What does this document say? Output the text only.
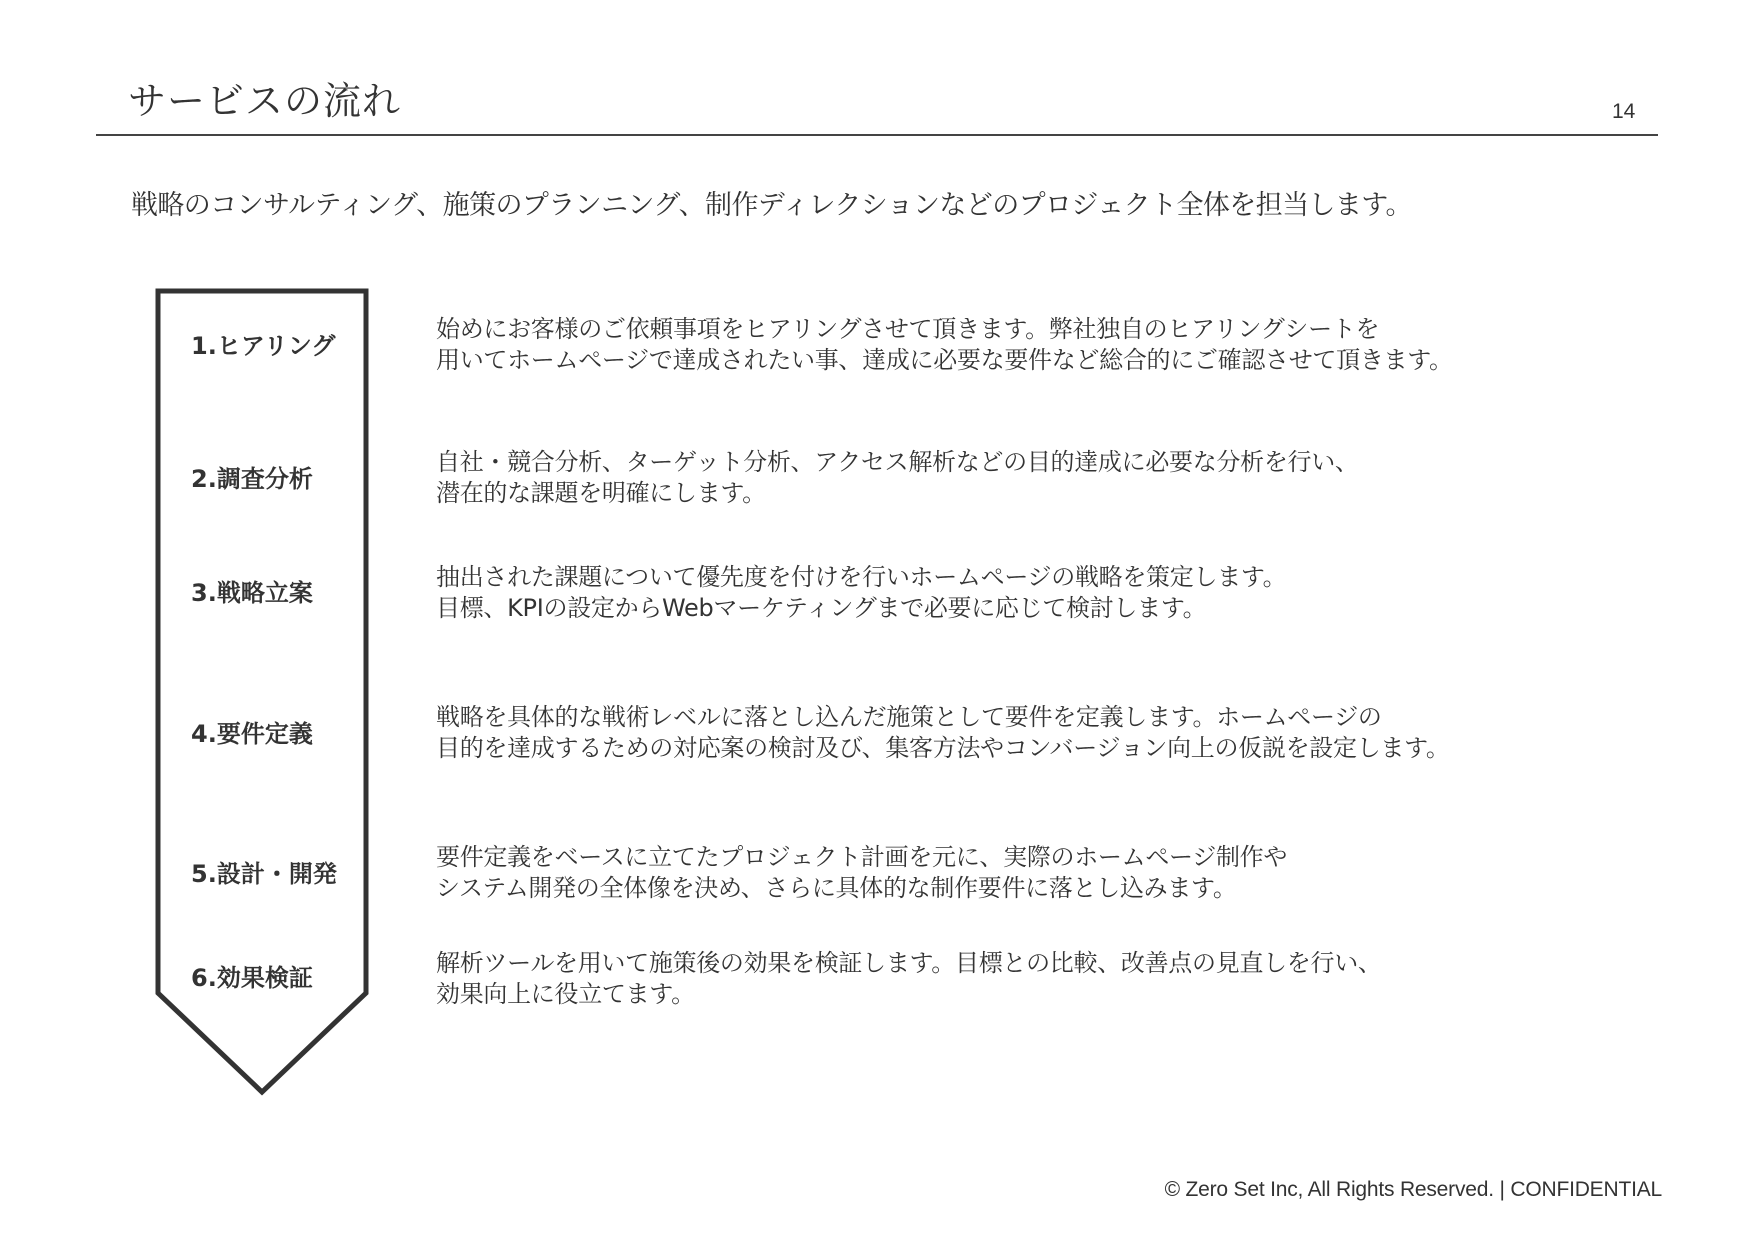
サービスの流れ	14
戦略のコンサルティング、施策のプランニング、制作ディレクションなどのプロジェクト全体を担当します。
1.ヒアリング
始めにお客様のご依頼事項をヒアリングさせて頂きます。弊社独自のヒアリングシートを
用いてホームページで達成されたい事、達成に必要な要件など総合的にご確認させて頂きます。
2.調査分析
自社・競合分析、ターゲット分析、アクセス解析などの目的達成に必要な分析を行い、
潜在的な課題を明確にします。
3.戦略立案
抽出された課題について優先度を付けを行いホームページの戦略を策定します。
目標、KPIの設定からWebマーケティングまで必要に応じて検討します。
4.要件定義
戦略を具体的な戦術レベルに落とし込んだ施策として要件を定義します。ホームページの
目的を達成するための対応案の検討及び、集客方法やコンバージョン向上の仮説を設定します。
5.設計・開発
要件定義をベースに立てたプロジェクト計画を元に、実際のホームページ制作や
システム開発の全体像を決め、さらに具体的な制作要件に落とし込みます。
6.効果検証
解析ツールを用いて施策後の効果を検証します。目標との比較、改善点の見直しを行い、
効果向上に役立てます。
© Zero Set Inc, All Rights Reserved. | CONFIDENTIAL
